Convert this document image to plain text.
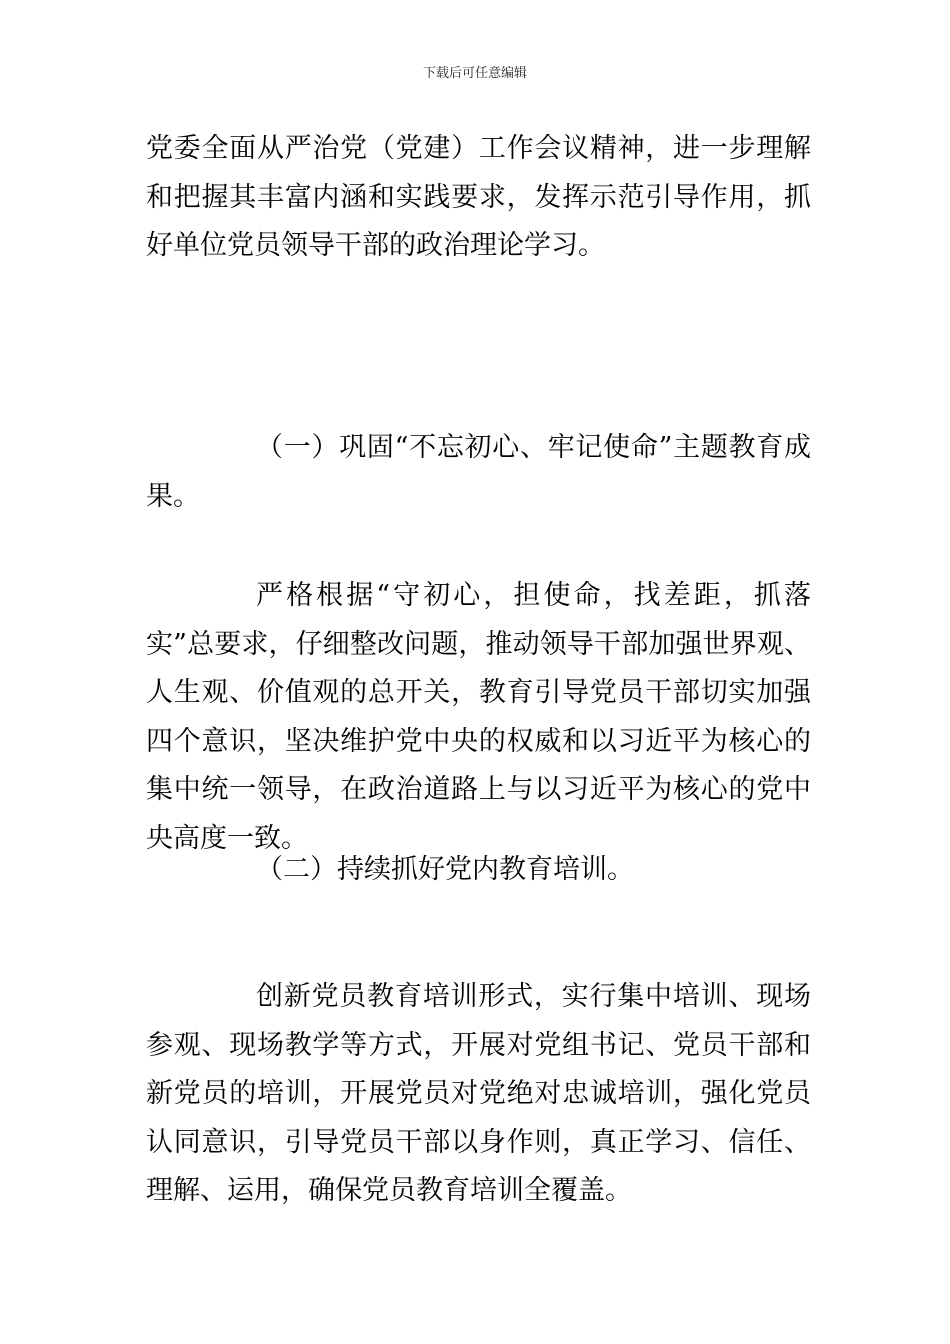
下载后可任意编辑

党委全面从严治党（党建）工作会议精神，进一步理解和把握其丰富内涵和实践要求，发挥示范引导作用，抓好单位党员领导干部的政治理论学习。

（一）巩固“不忘初心、牢记使命”主题教育成果。

严格根据“守初心，担使命，找差距，抓落实”总要求，仔细整改问题，推动领导干部加强世界观、人生观、价值观的总开关，教育引导党员干部切实加强四个意识，坚决维护党中央的权威和以习近平为核心的集中统一领导，在政治道路上与以习近平为核心的党中央高度一致。

（二）持续抓好党内教育培训。

创新党员教育培训形式，实行集中培训、现场参观、现场教学等方式，开展对党组书记、党员干部和新党员的培训，开展党员对党绝对忠诚培训，强化党员认同意识，引导党员干部以身作则，真正学习、信任、理解、运用，确保党员教育培训全覆盖。
